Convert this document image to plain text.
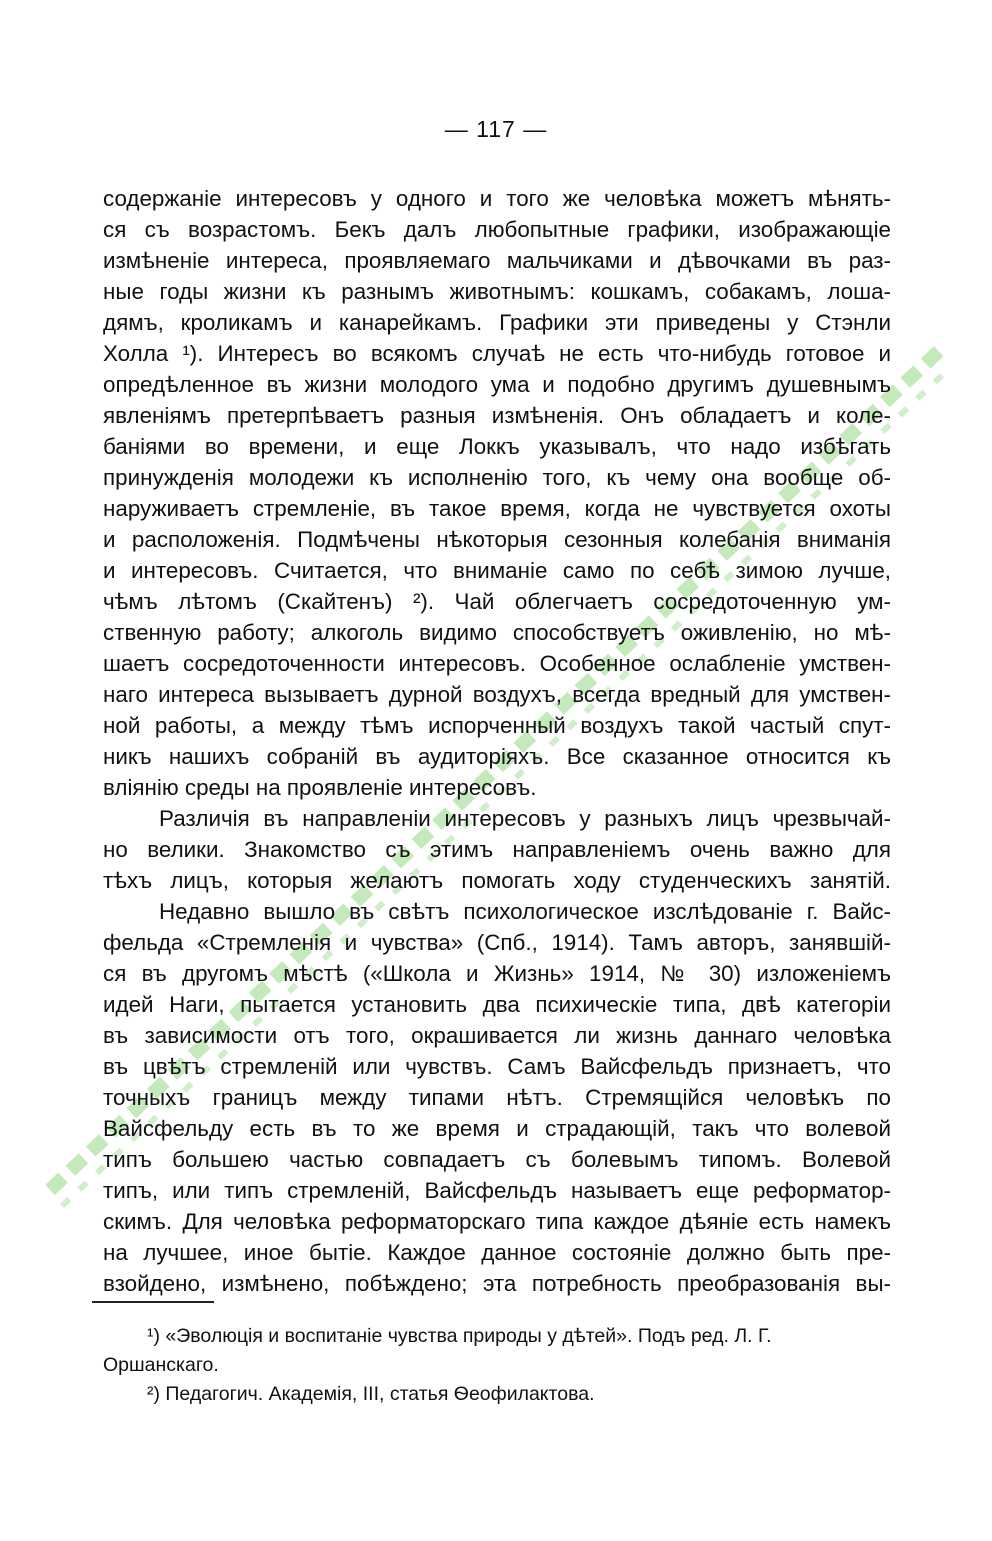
— 117 —
содержаніе интересовъ у одного и того же человѣка можетъ мѣнять-
ся съ возрастомъ. Бекъ далъ любопытные графики, изображающіе
измѣненіе интереса, проявляемаго мальчиками и дѣвочками въ раз-
ные годы жизни къ разнымъ животнымъ: кошкамъ, собакамъ, лоша-
дямъ, кроликамъ и канарейкамъ. Графики эти приведены у Стэнли
Холла ¹). Интересъ во всякомъ случаѣ не есть что-нибудь готовое и
опредѣленное въ жизни молодого ума и подобно другимъ душевнымъ
явленіямъ претерпѣваетъ разныя измѣненія. Онъ обладаетъ и коле-
баніями во времени, и еще Локкъ указывалъ, что надо избѣгать
принужденія молодежи къ исполненію того, къ чему она вообще об-
наруживаетъ стремленіе, въ такое время, когда не чувствуется охоты
и расположенія. Подмѣчены нѣкоторыя сезонныя колебанія вниманія
и интересовъ. Считается, что вниманіе само по себѣ зимою лучше,
чѣмъ лѣтомъ (Скайтенъ) ²). Чай облегчаетъ сосредоточенную ум-
ственную работу; алкоголь видимо способствуетъ оживленію, но мѣ-
шаетъ сосредоточенности интересовъ. Особенное ослабленіе умствен-
наго интереса вызываетъ дурной воздухъ, всегда вредный для умствен-
ной работы, а между тѣмъ испорченный воздухъ такой частый спут-
никъ нашихъ собраній въ аудиторіяхъ. Все сказанное относится къ
вліянію среды на проявленіе интересовъ.
Различія въ направленіи интересовъ у разныхъ лицъ чрезвычай-
но велики. Знакомство съ этимъ направленіемъ очень важно для
тѣхъ лицъ, которыя желаютъ помогать ходу студенческихъ занятій.
Недавно вышло въ свѣтъ психологическое изслѣдованіе г. Вайс-
фельда «Стремленія и чувства» (Спб., 1914). Тамъ авторъ, занявшій-
ся въ другомъ мѣстѣ («Школа и Жизнь» 1914, № 30) изложеніемъ
идей Наги, пытается установить два психическіе типа, двѣ категоріи
въ зависимости отъ того, окрашивается ли жизнь даннаго человѣка
въ цвѣтъ стремленій или чувствъ. Самъ Вайсфельдъ признаетъ, что
точныхъ границъ между типами нѣтъ. Стремящійся человѣкъ по
Вайсфельду есть въ то же время и страдающій, такъ что волевой
типъ большею частью совпадаетъ съ болевымъ типомъ. Волевой
типъ, или типъ стремленій, Вайсфельдъ называетъ еще реформатор-
скимъ. Для человѣка реформаторскаго типа каждое дѣяніе есть намекъ
на лучшее, иное бытіе. Каждое данное состояніе должно быть пре-
взойдено, измѣнено, побѣждено; эта потребность преобразованія вы-
¹) «Эволюція и воспитаніе чувства природы у дѣтей». Подъ ред. Л. Г.
Оршанскаго.
²) Педагогич. Академія, III, статья Ѳеофилактова.
